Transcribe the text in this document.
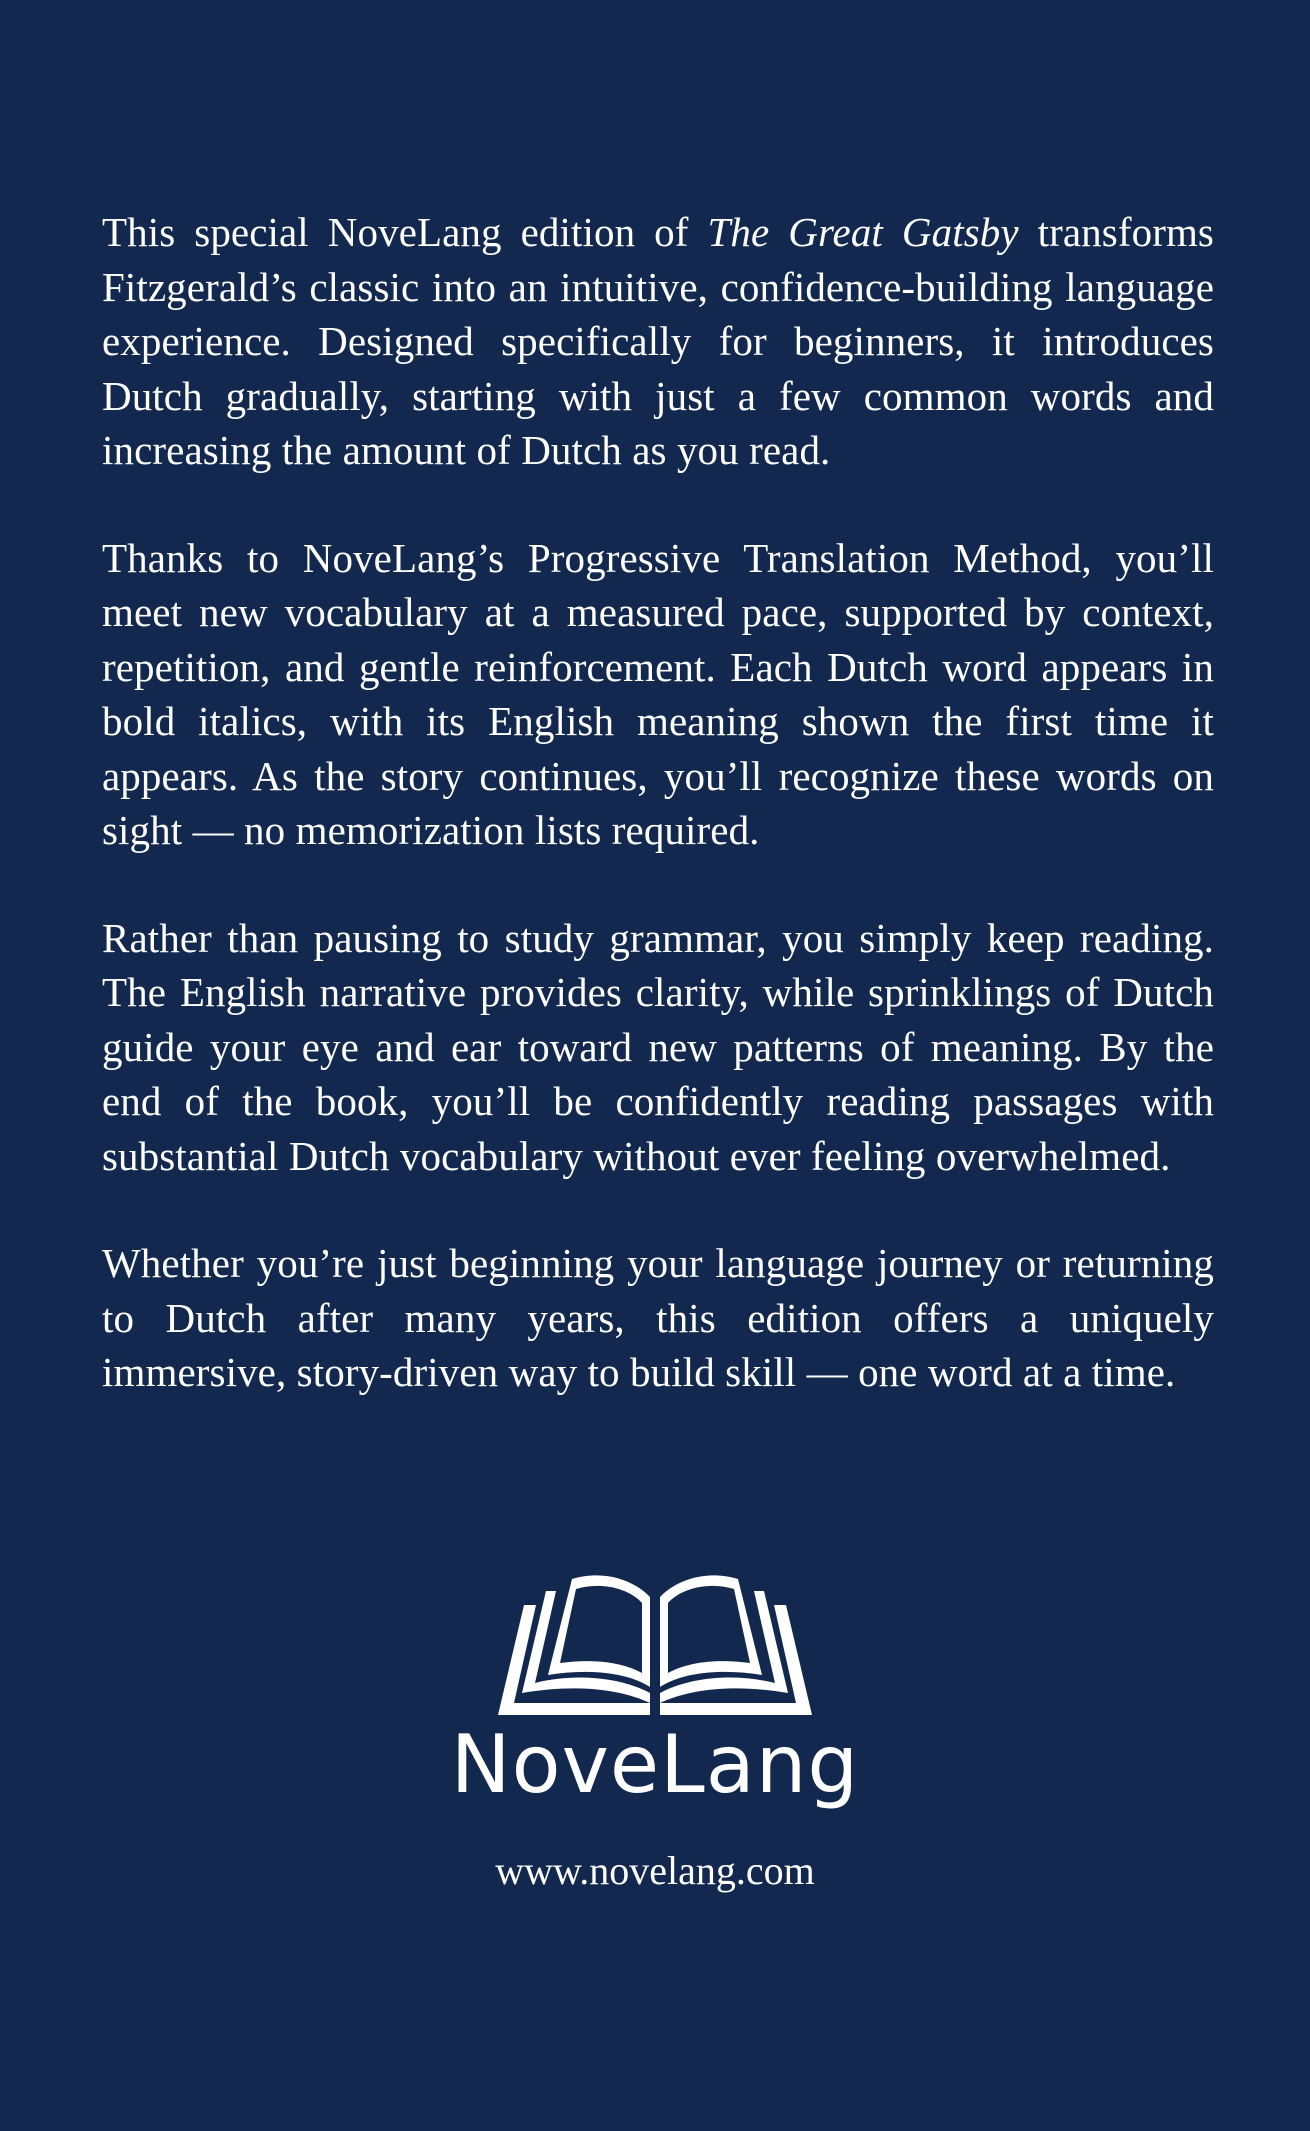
This special NoveLang edition of The Great Gatsby transforms Fitzgerald’s classic into an intuitive, confidence-building language experience. Designed specifically for beginners, it introduces Dutch gradually, starting with just a few common words and increasing the amount of Dutch as you read.

Thanks to NoveLang’s Progressive Translation Method, you’ll meet new vocabulary at a measured pace, supported by context, repetition, and gentle reinforcement. Each Dutch word appears in bold italics, with its English meaning shown the first time it appears. As the story continues, you’ll recognize these words on sight — no memorization lists required.

Rather than pausing to study grammar, you simply keep reading. The English narrative provides clarity, while sprinklings of Dutch guide your eye and ear toward new patterns of meaning. By the end of the book, you’ll be confidently reading passages with substantial Dutch vocabulary without ever feeling overwhelmed.

Whether you’re just beginning your language journey or returning to Dutch after many years, this edition offers a uniquely immersive, story-driven way to build skill — one word at a time.

NoveLang
www.novelang.com
